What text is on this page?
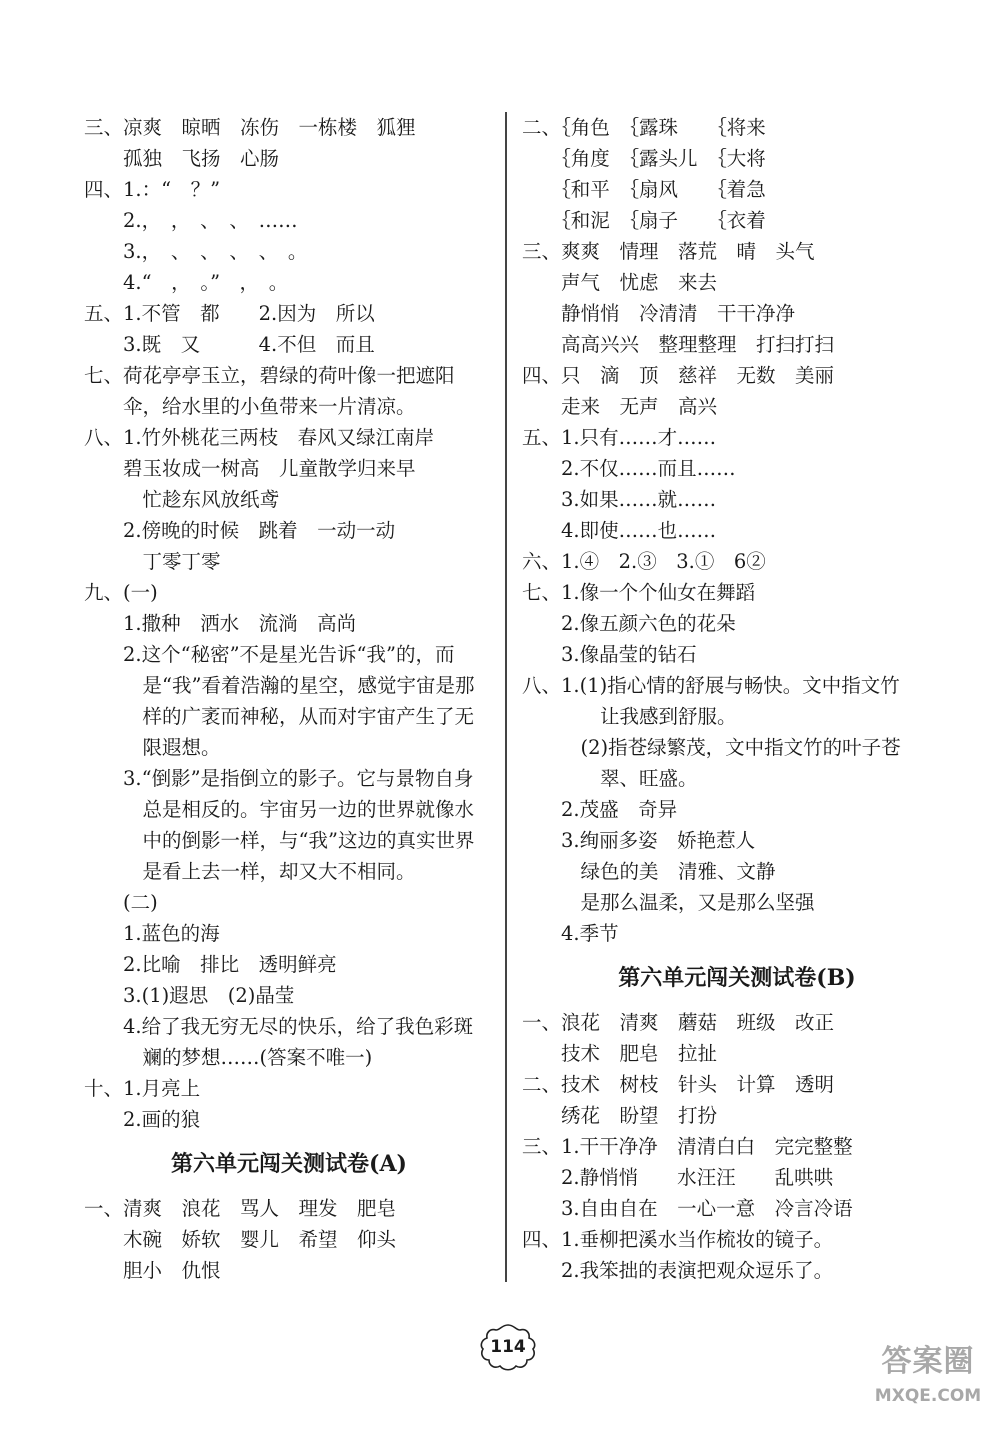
三、凉爽　晾晒　冻伤　一栋楼　狐狸
　　孤独　飞扬　心肠
四、1.：“　？”
　　2.，　，　、　、　……
　　3.，　、　、　、　、　。
　　4.“　，　。”　，　。
五、1.不管　都　　2.因为　所以
　　3.既　又　　　4.不但　而且
七、荷花亭亭玉立，碧绿的荷叶像一把遮阳
　　伞，给水里的小鱼带来一片清凉。
八、1.竹外桃花三两枝　春风又绿江南岸
　　碧玉妆成一树高　儿童散学归来早
　　　忙趁东风放纸鸢
　　2.傍晚的时候　跳着　一动一动
　　　丁零丁零
九、(一)
　　1.撒种　洒水　流淌　高尚
　　2.这个“秘密”不是星光告诉“我”的，而
　　　是“我”看着浩瀚的星空，感觉宇宙是那
　　　样的广袤而神秘，从而对宇宙产生了无
　　　限遐想。
　　3.“倒影”是指倒立的影子。它与景物自身
　　　总是相反的。宇宙另一边的世界就像水
　　　中的倒影一样，与“我”这边的真实世界
　　　是看上去一样，却又大不相同。
　　(二)
　　1.蓝色的海
　　2.比喻　排比　透明鲜亮
　　3.(1)遐思　(2)晶莹
　　4.给了我无穷无尽的快乐，给了我色彩斑
　　　斓的梦想……(答案不唯一)
十、1.月亮上
　　2.画的狼
第六单元闯关测试卷(A)
一、清爽　浪花　骂人　理发　肥皂
　　木碗　娇软　婴儿　希望　仰头
　　胆小　仇恨
二、｛角色　｛露珠　　｛将来
　　｛角度　｛露头儿　｛大将
　　｛和平　｛扇风　　｛着急
　　｛和泥　｛扇子　　｛衣着
三、爽爽　情理　落荒　晴　头气
　　声气　忧虑　来去
　　静悄悄　冷清清　干干净净
　　高高兴兴　整理整理　打扫打扫
四、只　滴　顶　慈祥　无数　美丽
　　走来　无声　高兴
五、1.只有……才……
　　2.不仅……而且……
　　3.如果……就……
　　4.即使……也……
六、1.④　2.③　3.①　6②
七、1.像一个个仙女在舞蹈
　　2.像五颜六色的花朵
　　3.像晶莹的钻石
八、1.(1)指心情的舒展与畅快。文中指文竹
　　　　让我感到舒服。
　　　(2)指苍绿繁茂，文中指文竹的叶子苍
　　　　翠、旺盛。
　　2.茂盛　奇异
　　3.绚丽多姿　娇艳惹人
　　　绿色的美　清雅、文静
　　　是那么温柔，又是那么坚强
　　4.季节
第六单元闯关测试卷(B)
一、浪花　清爽　蘑菇　班级　改正
　　技术　肥皂　拉扯
二、技术　树枝　针头　计算　透明
　　绣花　盼望　打扮
三、1.干干净净　清清白白　完完整整
　　2.静悄悄　　水汪汪　　乱哄哄
　　3.自由自在　一心一意　冷言冷语
四、1.垂柳把溪水当作梳妆的镜子。
　　2.我笨拙的表演把观众逗乐了。
114	答案圈
MXQE.COM
